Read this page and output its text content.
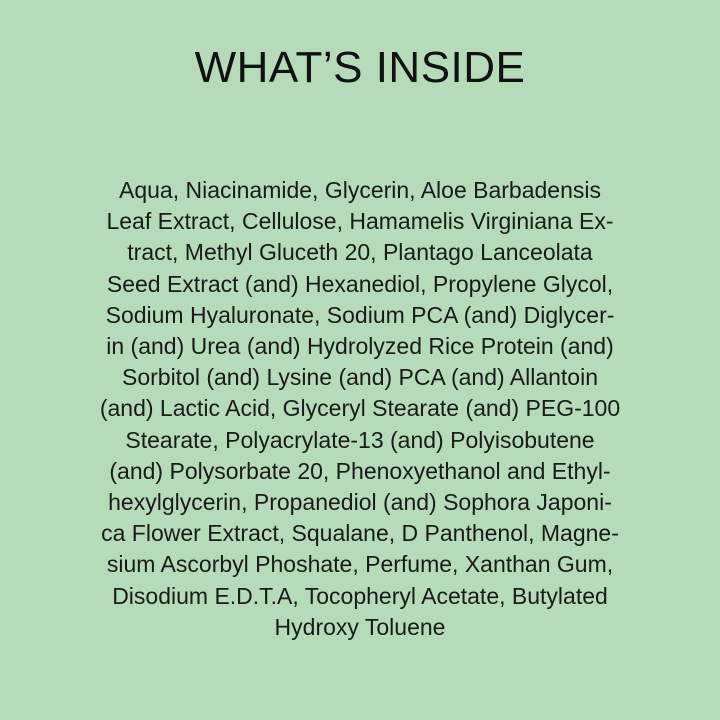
WHAT’S INSIDE

Aqua, Niacinamide, Glycerin, Aloe Barbadensis
Leaf Extract, Cellulose, Hamamelis Virginiana Ex-
tract, Methyl Gluceth 20, Plantago Lanceolata
Seed Extract (and) Hexanediol, Propylene Glycol,
Sodium Hyaluronate, Sodium PCA (and) Diglycer-
in (and) Urea (and) Hydrolyzed Rice Protein (and)
Sorbitol (and) Lysine (and) PCA (and) Allantoin
(and) Lactic Acid, Glyceryl Stearate (and) PEG-100
Stearate, Polyacrylate-13 (and) Polyisobutene
(and) Polysorbate 20, Phenoxyethanol and Ethyl-
hexylglycerin, Propanediol (and) Sophora Japoni-
ca Flower Extract, Squalane, D Panthenol, Magne-
sium Ascorbyl Phoshate, Perfume, Xanthan Gum,
Disodium E.D.T.A, Tocopheryl Acetate, Butylated
Hydroxy Toluene
